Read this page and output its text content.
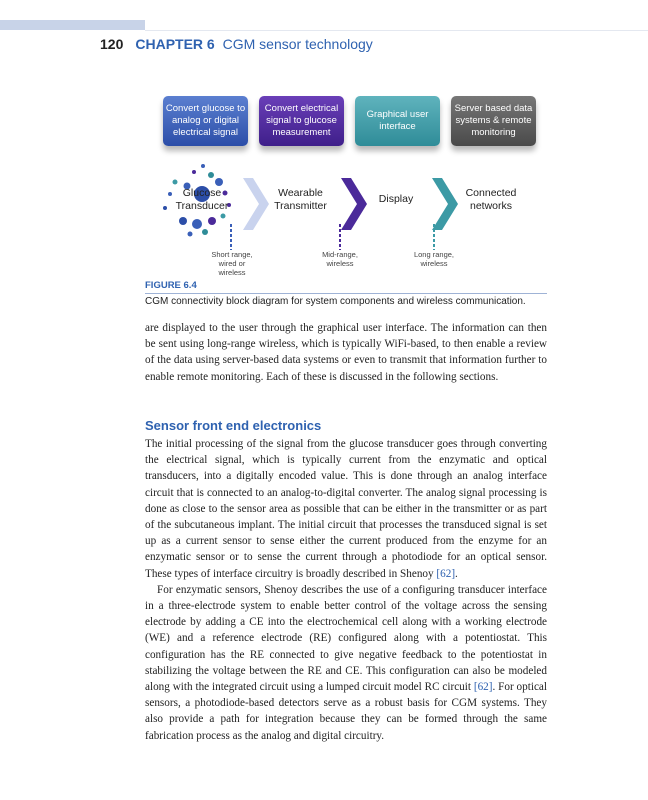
120 CHAPTER 6 CGM sensor technology
Convert glucose to analog or digital electrical signal
Convert electrical signal to glucose measurement
Graphical user interface
Server based data systems & remote monitoring
Glucose Transducer
Wearable Transmitter
Display	Connected networks
Short range, wired or wireless
Mid-range, wireless
Long range, wireless
FIGURE 6.4
CGM connectivity block diagram for system components and wireless communication.

are displayed to the user through the graphical user interface. The information can then be sent using long-range wireless, which is typically WiFi-based, to then enable a review of the data using server-based data systems or even to transmit that information further to enable remote monitoring. Each of these is discussed in the following sections.

Sensor front end electronics

The initial processing of the signal from the glucose transducer goes through converting the electrical signal, which is typically current from the enzymatic and optical transducers, into a digitally encoded value. This is done through an analog interface circuit that is connected to an analog-to-digital converter. The analog signal processing is done as close to the sensor area as possible that can be either in the transmitter or as part of the subcutaneous implant. The initial circuit that processes the transduced signal is set up as a current sensor to sense either the current produced from the enzyme for an enzymatic sensor or to sense the current through a photodiode for an optical sensor. These types of interface circuitry is broadly described in Shenoy [62].

For enzymatic sensors, Shenoy describes the use of a configuring transducer interface in a three-electrode system to enable better control of the voltage across the sensing electrode by adding a CE into the electrochemical cell along with a working electrode (WE) and a reference electrode (RE) configured along with a potentiostat. This configuration has the RE connected to give negative feedback to the potentiostat in stabilizing the voltage between the RE and CE. This configuration can also be modeled along with the integrated circuit using a lumped circuit model RC circuit [62]. For optical sensors, a photodiode-based detectors serve as a robust basis for CGM systems. They also provide a path for integration because they can be formed through the same fabrication process as the analog and digital circuitry.
